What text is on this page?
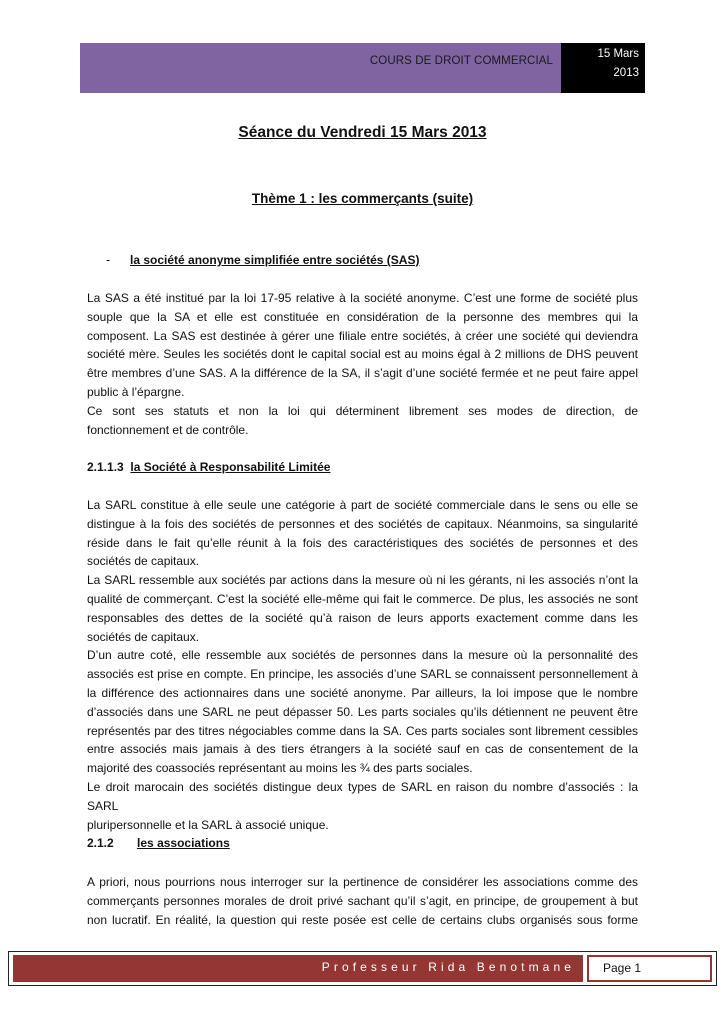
COURS DE DROIT COMMERCIAL
15 Mars
2013
Séance du Vendredi 15 Mars 2013
Thème 1 : les commerçants (suite)
- la société anonyme simplifiée entre sociétés (SAS)
La SAS a été institué par la loi 17-95 relative à la société anonyme. C’est une forme de société plus
souple que la SA et elle est constituée en considération de la personne des membres qui la
composent. La SAS est destinée à gérer une filiale entre sociétés, à créer une société qui deviendra
société mère. Seules les sociétés dont le capital social est au moins égal à 2 millions de DHS peuvent
être membres d’une SAS. A la différence de la SA, il s’agit d’une société fermée et ne peut faire appel
public à l’épargne.
Ce sont ses statuts et non la loi qui déterminent librement ses modes de direction, de
fonctionnement et de contrôle.
2.1.1.3 la Société à Responsabilité Limitée
La SARL constitue à elle seule une catégorie à part de société commerciale dans le sens ou elle se
distingue à la fois des sociétés de personnes et des sociétés de capitaux. Néanmoins, sa singularité
réside dans le fait qu’elle réunit à la fois des caractéristiques des sociétés de personnes et des
sociétés de capitaux.
La SARL ressemble aux sociétés par actions dans la mesure où ni les gérants, ni les associés n’ont la
qualité de commerçant. C’est la société elle-même qui fait le commerce. De plus, les associés ne sont
responsables des dettes de la société qu’à raison de leurs apports exactement comme dans les
sociétés de capitaux.
D’un autre coté, elle ressemble aux sociétés de personnes dans la mesure où la personnalité des
associés est prise en compte. En principe, les associés d’une SARL se connaissent personnellement à
la différence des actionnaires dans une société anonyme. Par ailleurs, la loi impose que le nombre
d’associés dans une SARL ne peut dépasser 50. Les parts sociales qu’ils détiennent ne peuvent être
représentés par des titres négociables comme dans la SA. Ces parts sociales sont librement cessibles
entre associés mais jamais à des tiers étrangers à la société sauf en cas de consentement de la
majorité des coassociés représentant au moins les ¾ des parts sociales.
Le droit marocain des sociétés distingue deux types de SARL en raison du nombre d’associés : la SARL
pluripersonnelle et la SARL à associé unique.
2.1.2 les associations
A priori, nous pourrions nous interroger sur la pertinence de considérer les associations comme des
commerçants personnes morales de droit privé sachant qu’il s’agit, en principe, de groupement à but
non lucratif. En réalité, la question qui reste posée est celle de certains clubs organisés sous forme
Professeur Rida Benotmane	Page 1
